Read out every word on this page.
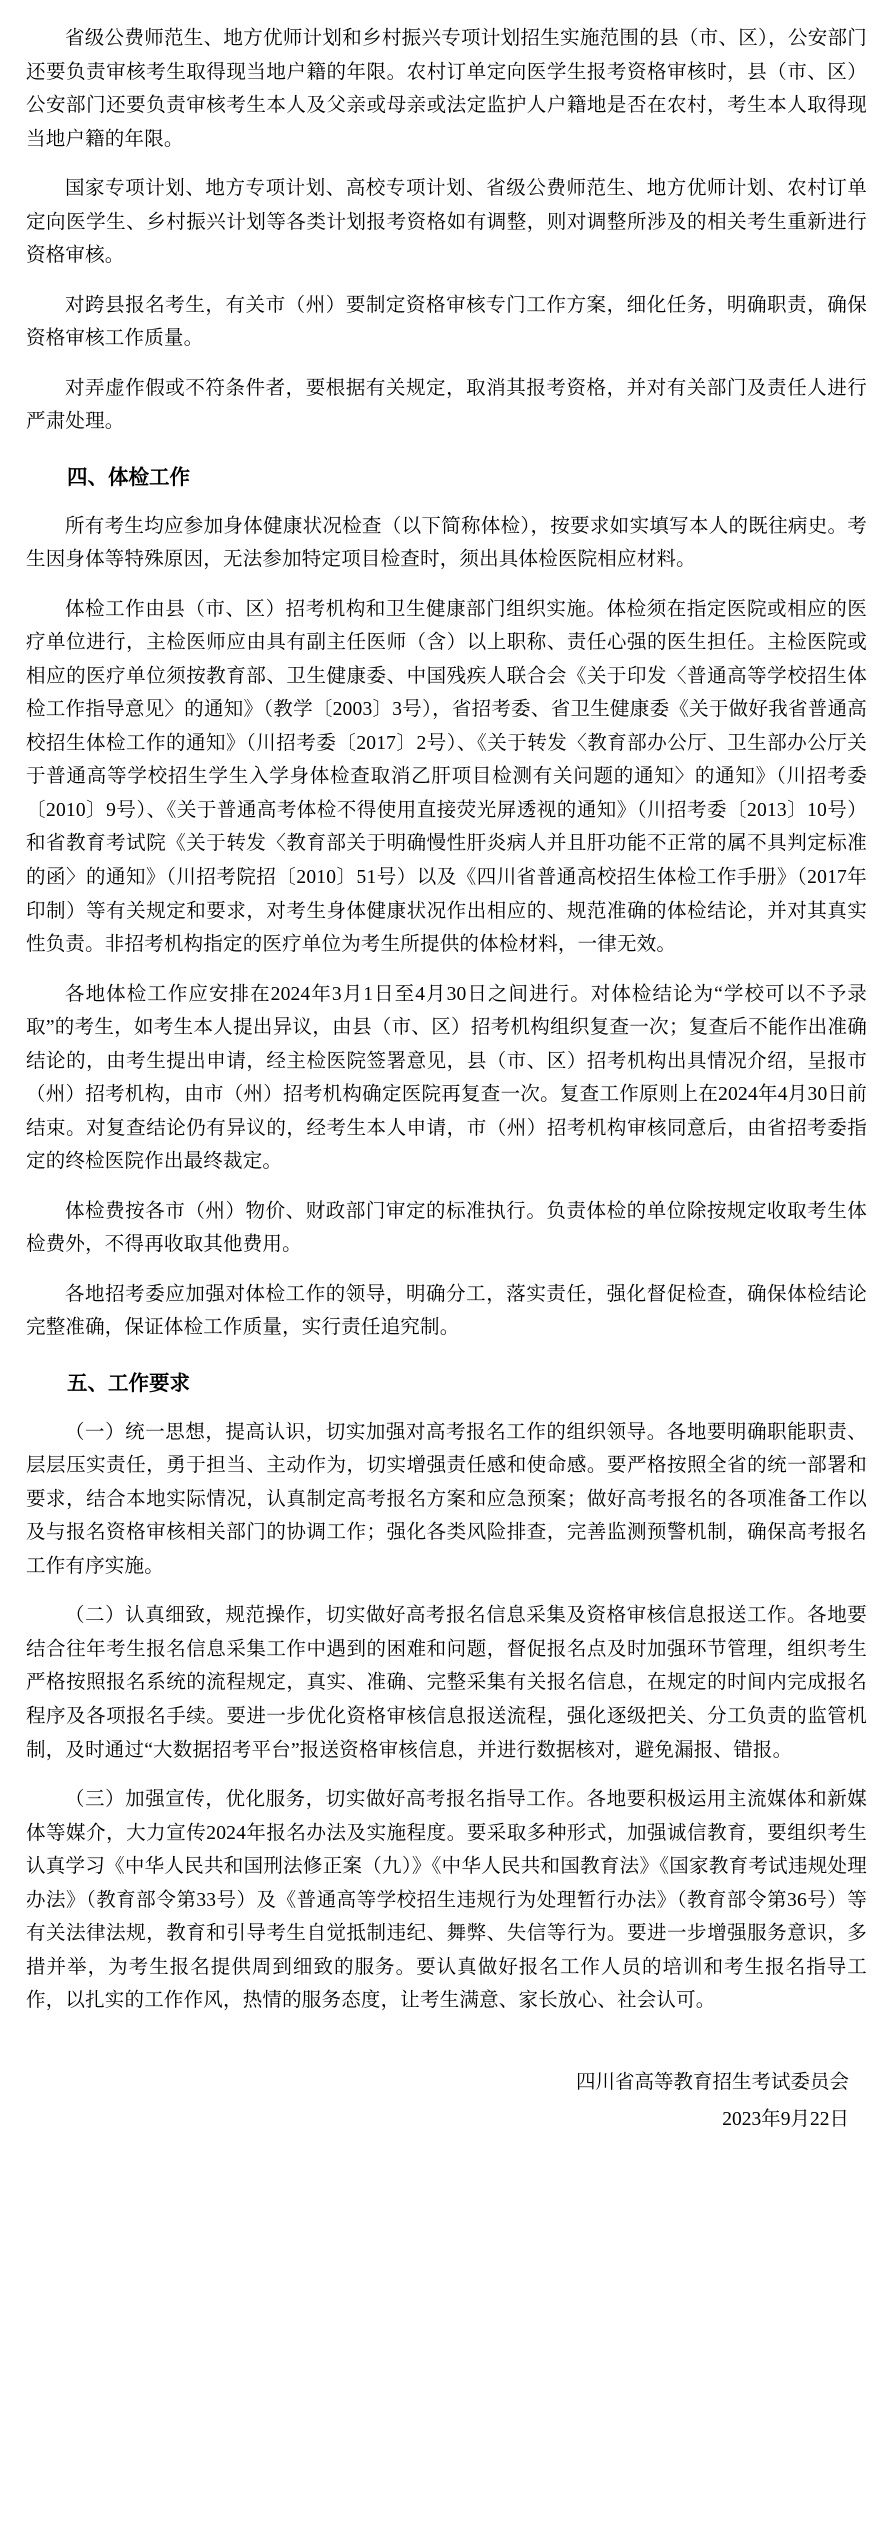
省级公费师范生、地方优师计划和乡村振兴专项计划招生实施范围的县（市、区），公安部门还要负责审核考生取得现当地户籍的年限。农村订单定向医学生报考资格审核时，县（市、区）公安部门还要负责审核考生本人及父亲或母亲或法定监护人户籍地是否在农村，考生本人取得现当地户籍的年限。

国家专项计划、地方专项计划、高校专项计划、省级公费师范生、地方优师计划、农村订单定向医学生、乡村振兴计划等各类计划报考资格如有调整，则对调整所涉及的相关考生重新进行资格审核。

对跨县报名考生，有关市（州）要制定资格审核专门工作方案，细化任务，明确职责，确保资格审核工作质量。

对弄虚作假或不符条件者，要根据有关规定，取消其报考资格，并对有关部门及责任人进行严肃处理。

四、体检工作

所有考生均应参加身体健康状况检查（以下简称体检），按要求如实填写本人的既往病史。考生因身体等特殊原因，无法参加特定项目检查时，须出具体检医院相应材料。

体检工作由县（市、区）招考机构和卫生健康部门组织实施。体检须在指定医院或相应的医疗单位进行，主检医师应由具有副主任医师（含）以上职称、责任心强的医生担任。主检医院或相应的医疗单位须按教育部、卫生健康委、中国残疾人联合会《关于印发〈普通高等学校招生体检工作指导意见〉的通知》（教学〔2003〕3号），省招考委、省卫生健康委《关于做好我省普通高校招生体检工作的通知》（川招考委〔2017〕2号）、《关于转发〈教育部办公厅、卫生部办公厅关于普通高等学校招生学生入学身体检查取消乙肝项目检测有关问题的通知〉的通知》（川招考委〔2010〕9号）、《关于普通高考体检不得使用直接荧光屏透视的通知》（川招考委〔2013〕10号）和省教育考试院《关于转发〈教育部关于明确慢性肝炎病人并且肝功能不正常的属不具判定标准的函〉的通知》（川招考院招〔2010〕51号）以及《四川省普通高校招生体检工作手册》（2017年印制）等有关规定和要求，对考生身体健康状况作出相应的、规范准确的体检结论，并对其真实性负责。非招考机构指定的医疗单位为考生所提供的体检材料，一律无效。

各地体检工作应安排在2024年3月1日至4月30日之间进行。对体检结论为“学校可以不予录取”的考生，如考生本人提出异议，由县（市、区）招考机构组织复查一次；复查后不能作出准确结论的，由考生提出申请，经主检医院签署意见，县（市、区）招考机构出具情况介绍，呈报市（州）招考机构，由市（州）招考机构确定医院再复查一次。复查工作原则上在2024年4月30日前结束。对复查结论仍有异议的，经考生本人申请，市（州）招考机构审核同意后，由省招考委指定的终检医院作出最终裁定。

体检费按各市（州）物价、财政部门审定的标准执行。负责体检的单位除按规定收取考生体检费外，不得再收取其他费用。

各地招考委应加强对体检工作的领导，明确分工，落实责任，强化督促检查，确保体检结论完整准确，保证体检工作质量，实行责任追究制。

五、工作要求

（一）统一思想，提高认识，切实加强对高考报名工作的组织领导。各地要明确职能职责、层层压实责任，勇于担当、主动作为，切实增强责任感和使命感。要严格按照全省的统一部署和要求，结合本地实际情况，认真制定高考报名方案和应急预案；做好高考报名的各项准备工作以及与报名资格审核相关部门的协调工作；强化各类风险排查，完善监测预警机制，确保高考报名工作有序实施。

（二）认真细致，规范操作，切实做好高考报名信息采集及资格审核信息报送工作。各地要结合往年考生报名信息采集工作中遇到的困难和问题，督促报名点及时加强环节管理，组织考生严格按照报名系统的流程规定，真实、准确、完整采集有关报名信息，在规定的时间内完成报名程序及各项报名手续。要进一步优化资格审核信息报送流程，强化逐级把关、分工负责的监管机制，及时通过“大数据招考平台”报送资格审核信息，并进行数据核对，避免漏报、错报。

（三）加强宣传，优化服务，切实做好高考报名指导工作。各地要积极运用主流媒体和新媒体等媒介，大力宣传2024年报名办法及实施程度。要采取多种形式，加强诚信教育，要组织考生认真学习《中华人民共和国刑法修正案（九）》《中华人民共和国教育法》《国家教育考试违规处理办法》（教育部令第33号）及《普通高等学校招生违规行为处理暂行办法》（教育部令第36号）等有关法律法规，教育和引导考生自觉抵制违纪、舞弊、失信等行为。要进一步增强服务意识，多措并举，为考生报名提供周到细致的服务。要认真做好报名工作人员的培训和考生报名指导工作，以扎实的工作作风，热情的服务态度，让考生满意、家长放心、社会认可。

四川省高等教育招生考试委员会
2023年9月22日
